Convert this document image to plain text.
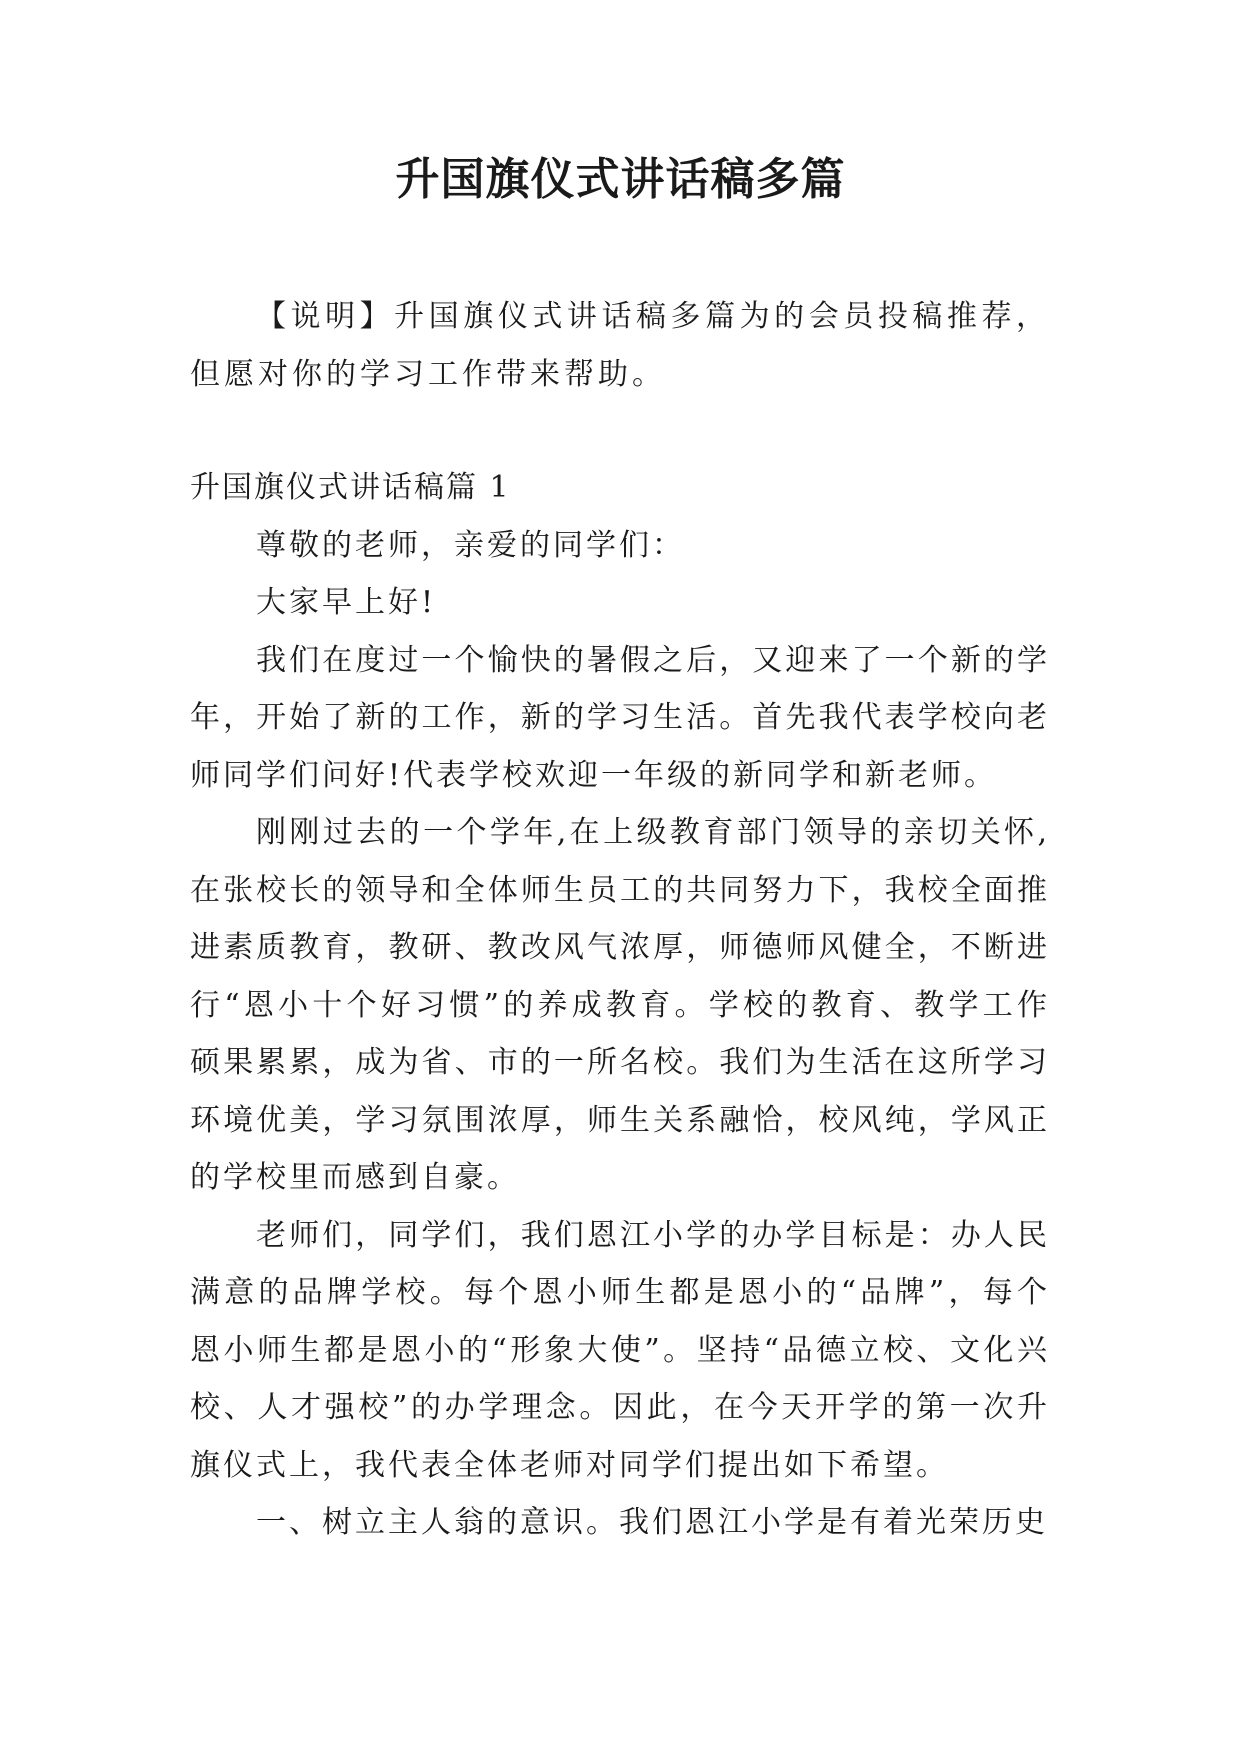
升国旗仪式讲话稿多篇

【说明】升国旗仪式讲话稿多篇为的会员投稿推荐，但愿对你的学习工作带来帮助。

升国旗仪式讲话稿篇 1

尊敬的老师，亲爱的同学们：

大家早上好!

我们在度过一个愉快的暑假之后，又迎来了一个新的学年，开始了新的工作，新的学习生活。首先我代表学校向老师同学们问好!代表学校欢迎一年级的新同学和新老师。

刚刚过去的一个学年,在上级教育部门领导的亲切关怀,在张校长的领导和全体师生员工的共同努力下，我校全面推进素质教育，教研、教改风气浓厚，师德师风健全，不断进行“恩小十个好习惯”的养成教育。学校的教育、教学工作硕果累累，成为省、市的一所名校。我们为生活在这所学习环境优美，学习氛围浓厚，师生关系融恰，校风纯，学风正的学校里而感到自豪。

老师们，同学们，我们恩江小学的办学目标是：办人民满意的品牌学校。每个恩小师生都是恩小的“品牌”，每个恩小师生都是恩小的“形象大使”。坚持“品德立校、文化兴校、人才强校”的办学理念。因此，在今天开学的第一次升旗仪式上，我代表全体老师对同学们提出如下希望。

一、树立主人翁的意识。我们恩江小学是有着光荣历史
